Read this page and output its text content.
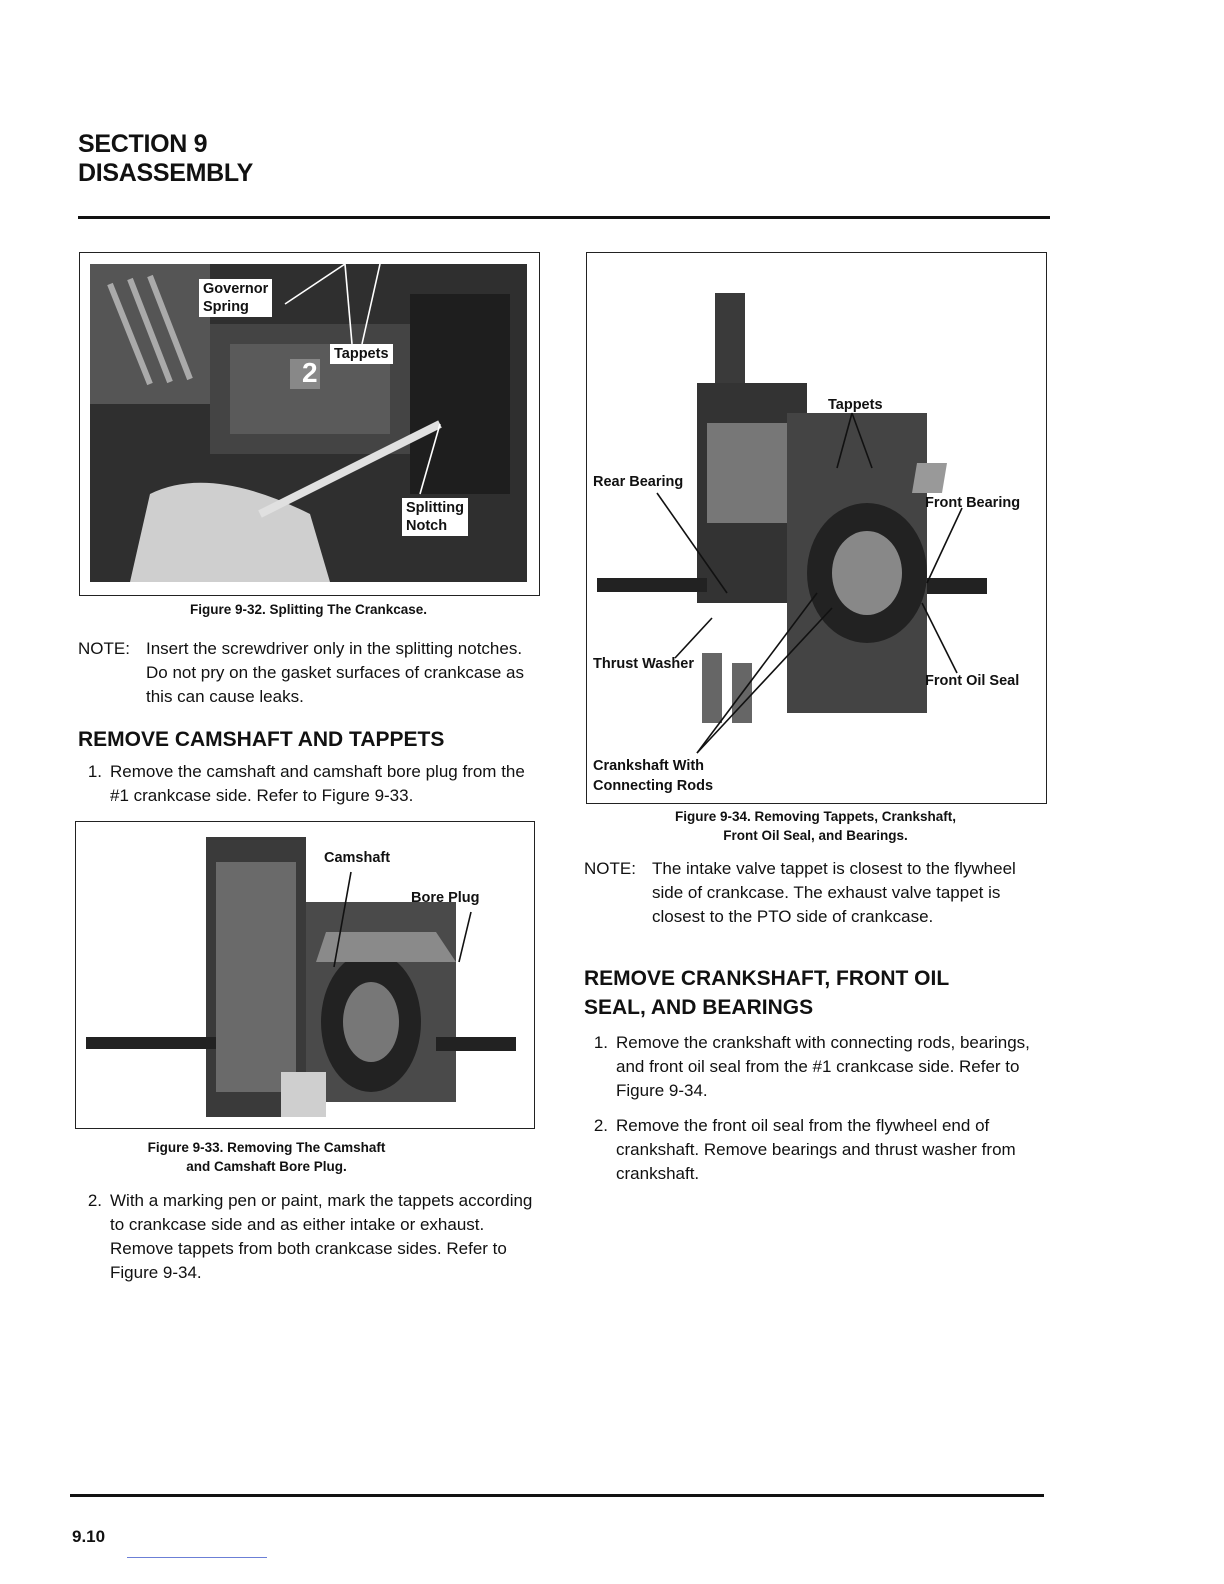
SECTION 9
DISASSEMBLY
2
Governor
Spring
Tappets
Splitting
Notch
Figure 9-32. Splitting The Crankcase.
NOTE: Insert the screwdriver only in the splitting notches. Do not pry on the gasket surfaces of crankcase as this can cause leaks.
REMOVE CAMSHAFT AND TAPPETS
1. Remove the camshaft and camshaft bore plug from the #1 crankcase side. Refer to Figure 9-33.
Camshaft
Bore Plug
Figure 9-33. Removing The Camshaft
and Camshaft Bore Plug.
2. With a marking pen or paint, mark the tappets according to crankcase side and as either intake or exhaust. Remove tappets from both crankcase sides. Refer to Figure 9-34.
Tappets
Rear Bearing
Front Bearing
Thrust Washer
Front Oil Seal
Crankshaft With
Connecting Rods
Figure 9-34. Removing Tappets, Crankshaft,
Front Oil Seal, and Bearings.
NOTE: The intake valve tappet is closest to the flywheel side of crankcase. The exhaust valve tappet is closest to the PTO side of crankcase.
REMOVE CRANKSHAFT, FRONT OIL
SEAL, AND BEARINGS
1. Remove the crankshaft with connecting rods, bearings, and front oil seal from the #1 crankcase side. Refer to Figure 9-34.
2. Remove the front oil seal from the flywheel end of crankshaft. Remove bearings and thrust washer from crankshaft.
9.10
